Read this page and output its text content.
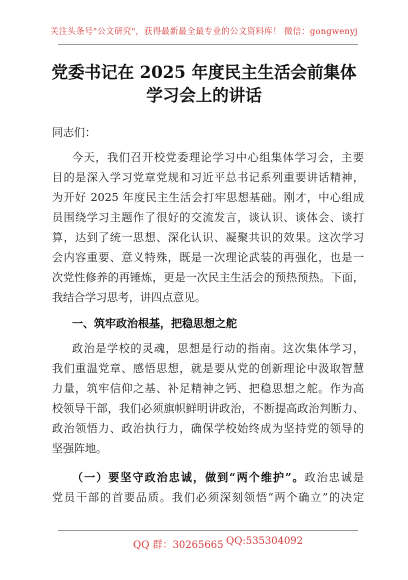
关注头条号"公文研究"，获得最新最全最专业的公文资料库！ 微信：gongwenyj
党委书记在 2025 年度民主生活会前集体
学习会上的讲话
同志们：
今天，我们召开校党委理论学习中心组集体学习会，主要
目的是深入学习党章党规和习近平总书记系列重要讲话精神，
为开好 2025 年度民主生活会打牢思想基础。刚才，中心组成
员围绕学习主题作了很好的交流发言，谈认识、谈体会、谈打
算，达到了统一思想、深化认识、凝聚共识的效果。这次学习
会内容重要、意义特殊，既是一次理论武装的再强化，也是一
次党性修养的再锤炼，更是一次民主生活会的预热预热。下面，
我结合学习思考，讲四点意见。
一、筑牢政治根基，把稳思想之舵
政治是学校的灵魂，思想是行动的指南。这次集体学习，
我们重温党章、感悟思想，就是要从党的创新理论中汲取智慧
力量，筑牢信仰之基、补足精神之钙、把稳思想之舵。作为高
校领导干部，我们必须旗帜鲜明讲政治，不断提高政治判断力、
政治领悟力、政治执行力，确保学校始终成为坚持党的领导的
坚强阵地。
（一）要坚守政治忠诚，做到“两个维护”。政治忠诚是
党员干部的首要品质。我们必须深刻领悟“两个确立”的决定
QQ 群：30265665 QQ:535304092
